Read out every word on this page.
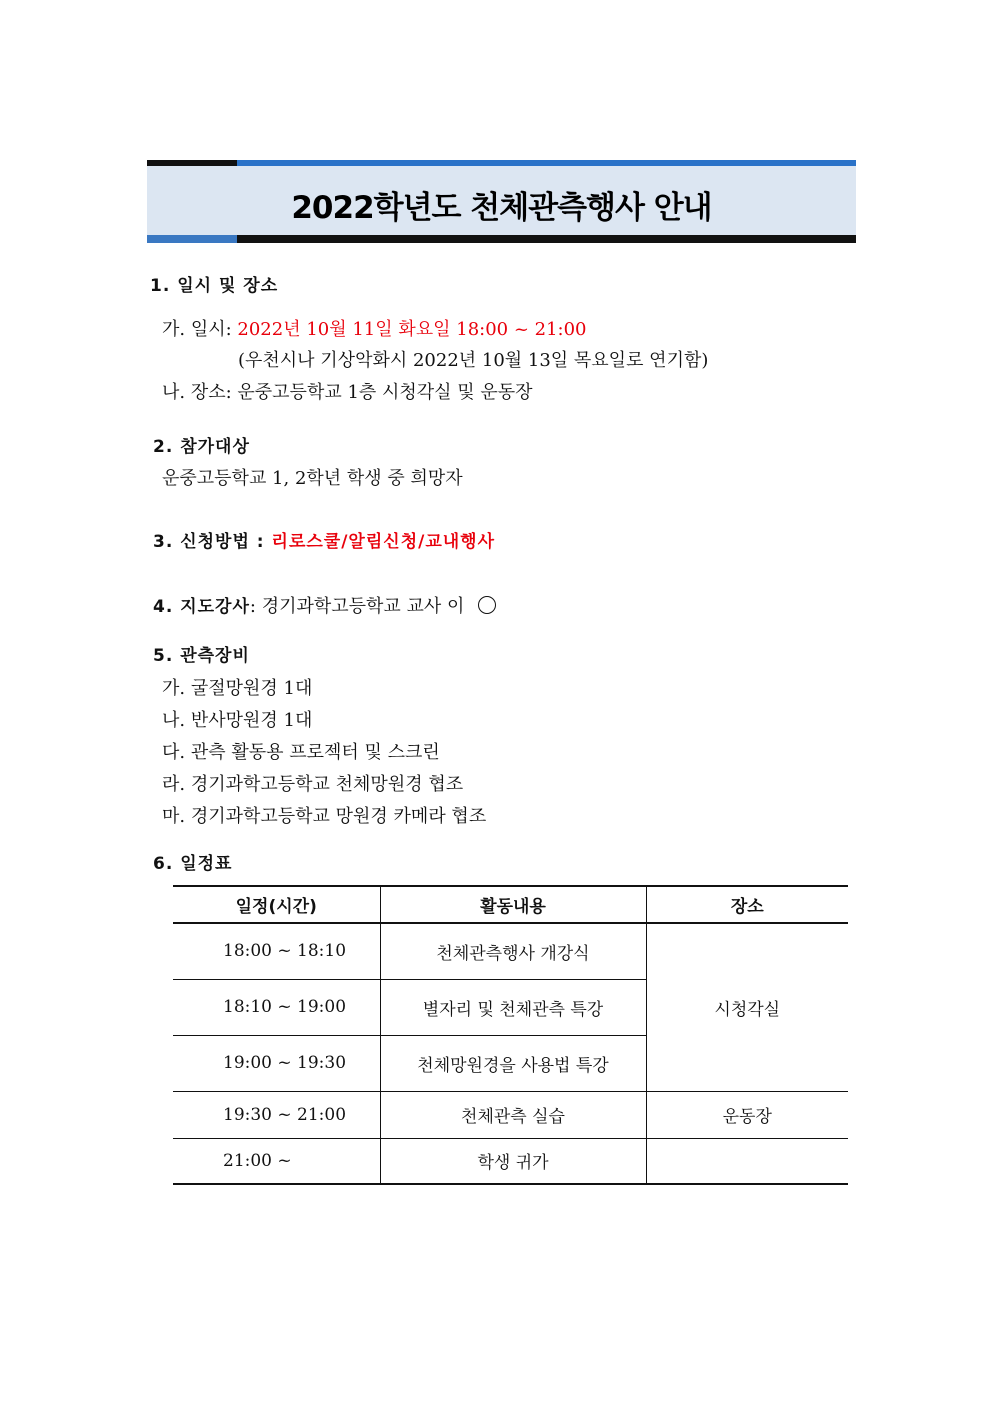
2022학년도 천체관측행사 안내
1. 일시 및 장소
가. 일시: 2022년 10월 11일 화요일 18:00 ~ 21:00
(우천시나 기상악화시 2022년 10월 13일 목요일로 연기함)
나. 장소: 운중고등학교 1층 시청각실 및 운동장
2. 참가대상
운중고등학교 1, 2학년 학생 중 희망자
3. 신청방법 : 리로스쿨/알림신청/교내행사
4. 지도강사: 경기과학고등학교 교사 이
5. 관측장비
가. 굴절망원경 1대
나. 반사망원경 1대
다. 관측 활동용 프로젝터 및 스크린
라. 경기과학고등학교 천체망원경 협조
마. 경기과학고등학교 망원경 카메라 협조
6. 일정표
일정(시간)	활동내용	장소
18:00 ~ 18:10	천체관측행사 개강식	시청각실
18:10 ~ 19:00	별자리 및 천체관측 특강	
19:00 ~ 19:30	천체망원경을 사용법 특강	
19:30 ~ 21:00	천체관측 실습	운동장
21:00 ~	학생 귀가	
